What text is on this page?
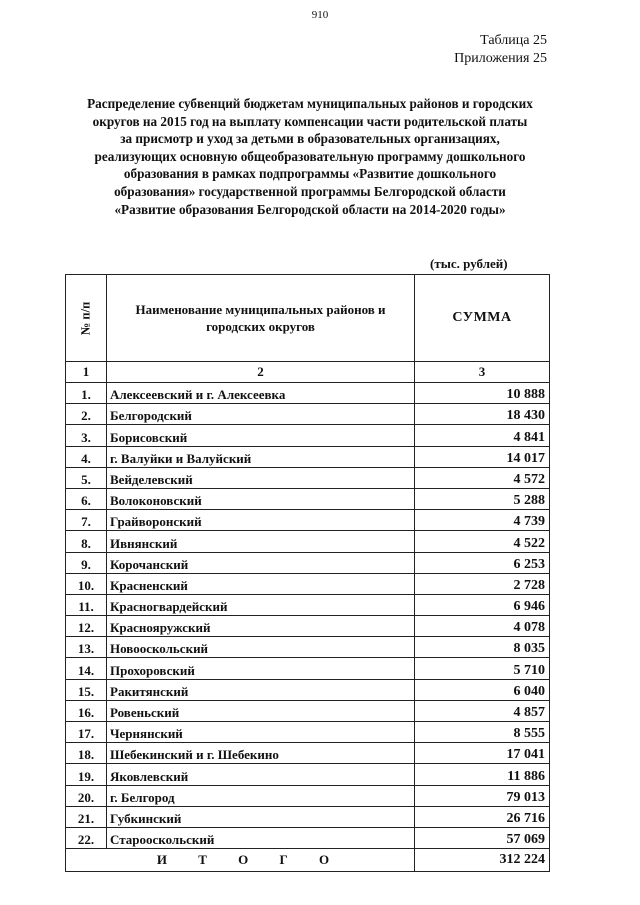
910
Таблица 25
Приложения 25
Распределение субвенций бюджетам муниципальных районов и городских
округов на 2015 год на выплату компенсации части родительской платы
за присмотр и уход за детьми в образовательных организациях,
реализующих основную общеобразовательную программу дошкольного
образования в рамках подпрограммы «Развитие дошкольного
образования» государственной программы Белгородской области
«Развитие образования Белгородской области на 2014-2020 годы»
(тыс. рублей)
№ п/п	Наименование муниципальных районов и
городских округов	СУММА
1	2	3
1.	Алексеевский и г. Алексеевка	10 888
2.	Белгородский	18 430
3.	Борисовский	4 841
4.	г. Валуйки и Валуйский	14 017
5.	Вейделевский	4 572
6.	Волоконовский	5 288
7.	Грайворонский	4 739
8.	Ивнянский	4 522
9.	Корочанский	6 253
10.	Красненский	2 728
11.	Красногвардейский	6 946
12.	Краснояружский	4 078
13.	Новооскольский	8 035
14.	Прохоровский	5 710
15.	Ракитянский	6 040
16.	Ровеньский	4 857
17.	Чернянский	8 555
18.	Шебекинский и г. Шебекино	17 041
19.	Яковлевский	11 886
20.	г. Белгород	79 013
21.	Губкинский	26 716
22.	Старооскольский	57 069
И Т О Г О		312 224
